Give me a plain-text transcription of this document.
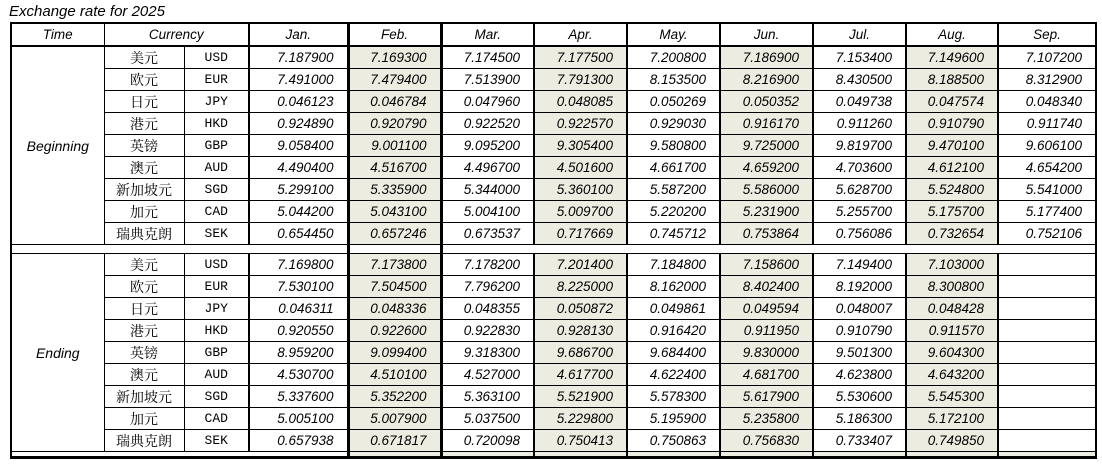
Exchange rate for 2025
Time	Currency		Jan.	Feb.	Mar.	Apr.	May.	Jun.	Jul.	Aug.	Sep.
Beginning	美元	USD	7.187900	7.169300	7.174500	7.177500	7.200800	7.186900	7.153400	7.149600	7.107200
	欧元	EUR	7.491000	7.479400	7.513900	7.791300	8.153500	8.216900	8.430500	8.188500	8.312900
	日元	JPY	0.046123	0.046784	0.047960	0.048085	0.050269	0.050352	0.049738	0.047574	0.048340
	港元	HKD	0.924890	0.920790	0.922520	0.922570	0.929030	0.916170	0.911260	0.910790	0.911740
	英镑	GBP	9.058400	9.001100	9.095200	9.305400	9.580800	9.725000	9.819700	9.470100	9.606100
	澳元	AUD	4.490400	4.516700	4.496700	4.501600	4.661700	4.659200	4.703600	4.612100	4.654200
	新加坡元	SGD	5.299100	5.335900	5.344000	5.360100	5.587200	5.586000	5.628700	5.524800	5.541000
	加元	CAD	5.044200	5.043100	5.004100	5.009700	5.220200	5.231900	5.255700	5.175700	5.177400
	瑞典克朗	SEK	0.654450	0.657246	0.673537	0.717669	0.745712	0.753864	0.756086	0.732654	0.752106

Ending	美元	USD	7.169800	7.173800	7.178200	7.201400	7.184800	7.158600	7.149400	7.103000	
	欧元	EUR	7.530100	7.504500	7.796200	8.225000	8.162000	8.402400	8.192000	8.300800	
	日元	JPY	0.046311	0.048336	0.048355	0.050872	0.049861	0.049594	0.048007	0.048428	
	港元	HKD	0.920550	0.922600	0.922830	0.928130	0.916420	0.911950	0.910790	0.911570	
	英镑	GBP	8.959200	9.099400	9.318300	9.686700	9.684400	9.830000	9.501300	9.604300	
	澳元	AUD	4.530700	4.510100	4.527000	4.617700	4.622400	4.681700	4.623800	4.643200	
	新加坡元	SGD	5.337600	5.352200	5.363100	5.521900	5.578300	5.617900	5.530600	5.545300	
	加元	CAD	5.005100	5.007900	5.037500	5.229800	5.195900	5.235800	5.186300	5.172100	
	瑞典克朗	SEK	0.657938	0.671817	0.720098	0.750413	0.750863	0.756830	0.733407	0.749850	
